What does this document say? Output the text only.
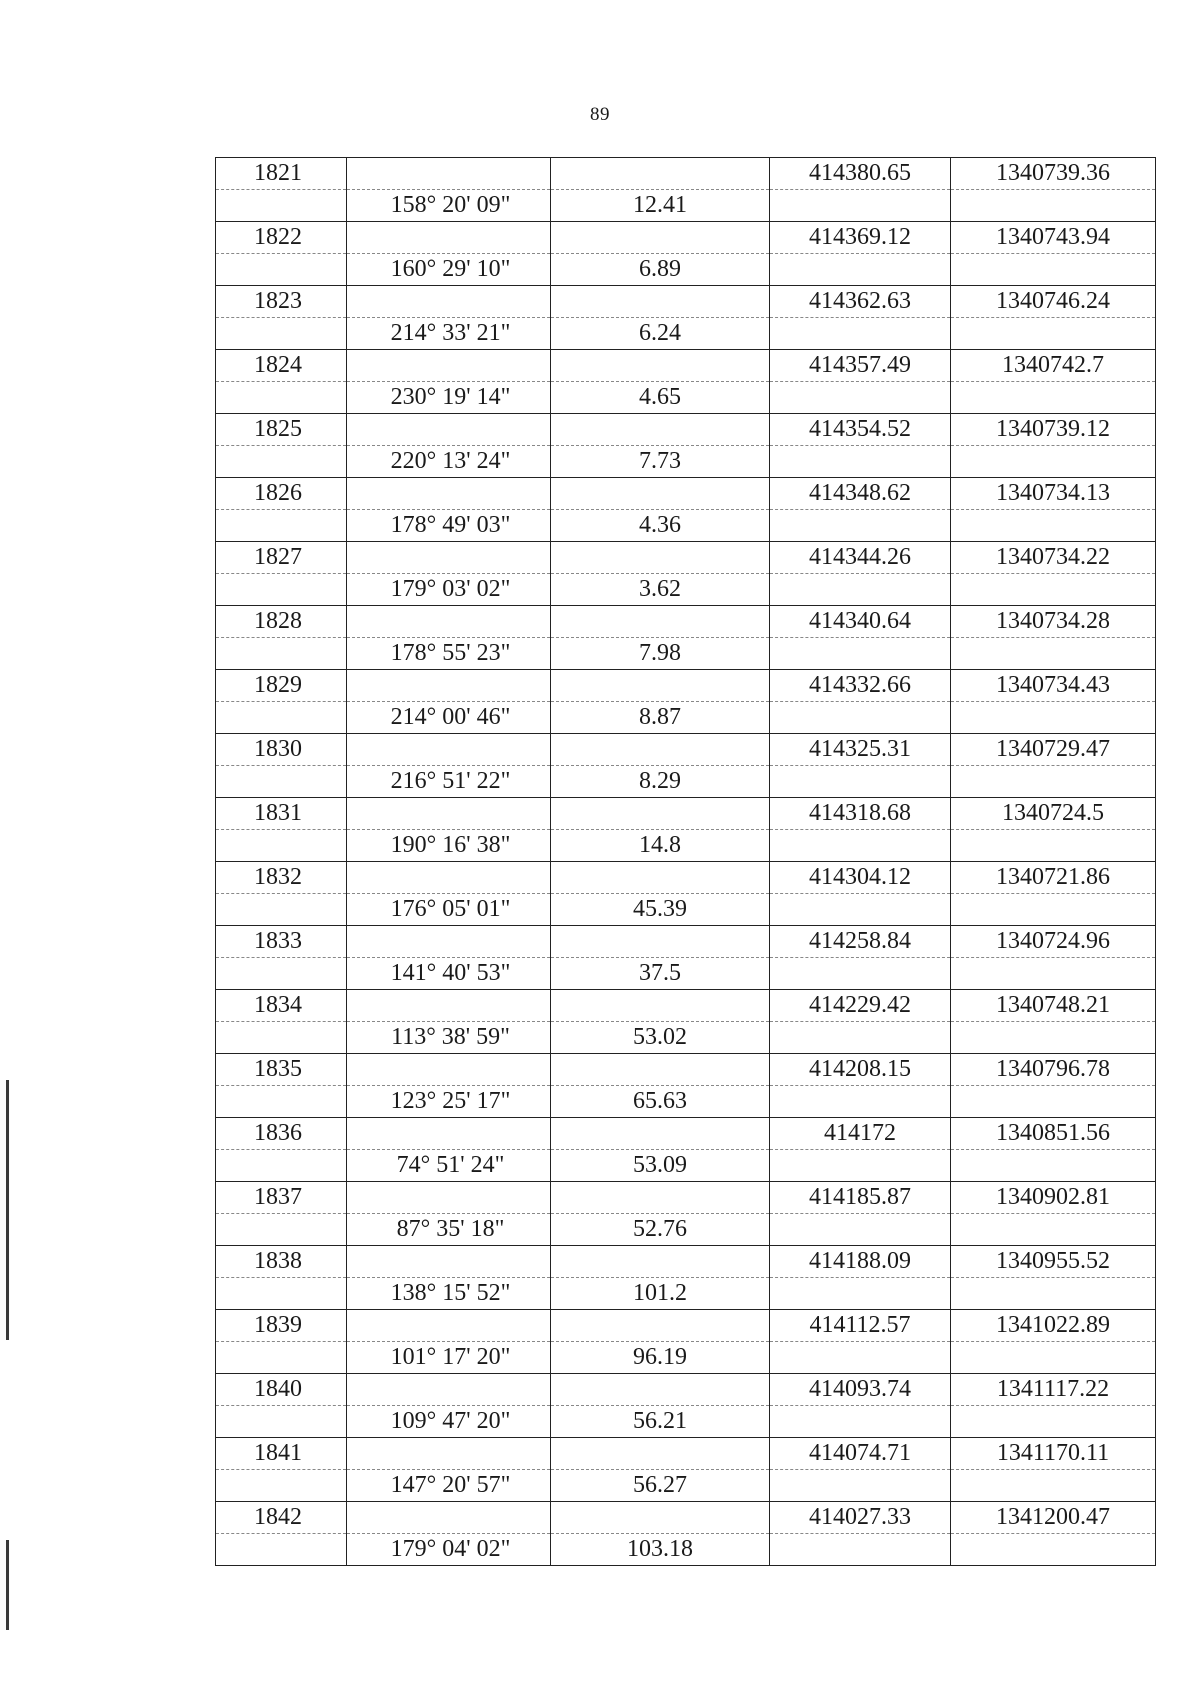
89
1821			414380.65	1340739.36
	158° 20' 09"	12.41		
1822			414369.12	1340743.94
	160° 29' 10"	6.89		
1823			414362.63	1340746.24
	214° 33' 21"	6.24		
1824			414357.49	1340742.7
	230° 19' 14"	4.65		
1825			414354.52	1340739.12
	220° 13' 24"	7.73		
1826			414348.62	1340734.13
	178° 49' 03"	4.36		
1827			414344.26	1340734.22
	179° 03' 02"	3.62		
1828			414340.64	1340734.28
	178° 55' 23"	7.98		
1829			414332.66	1340734.43
	214° 00' 46"	8.87		
1830			414325.31	1340729.47
	216° 51' 22"	8.29		
1831			414318.68	1340724.5
	190° 16' 38"	14.8		
1832			414304.12	1340721.86
	176° 05' 01"	45.39		
1833			414258.84	1340724.96
	141° 40' 53"	37.5		
1834			414229.42	1340748.21
	113° 38' 59"	53.02		
1835			414208.15	1340796.78
	123° 25' 17"	65.63		
1836			414172	1340851.56
	74° 51' 24"	53.09		
1837			414185.87	1340902.81
	87° 35' 18"	52.76		
1838			414188.09	1340955.52
	138° 15' 52"	101.2		
1839			414112.57	1341022.89
	101° 17' 20"	96.19		
1840			414093.74	1341117.22
	109° 47' 20"	56.21		
1841			414074.71	1341170.11
	147° 20' 57"	56.27		
1842			414027.33	1341200.47
	179° 04' 02"	103.18		
